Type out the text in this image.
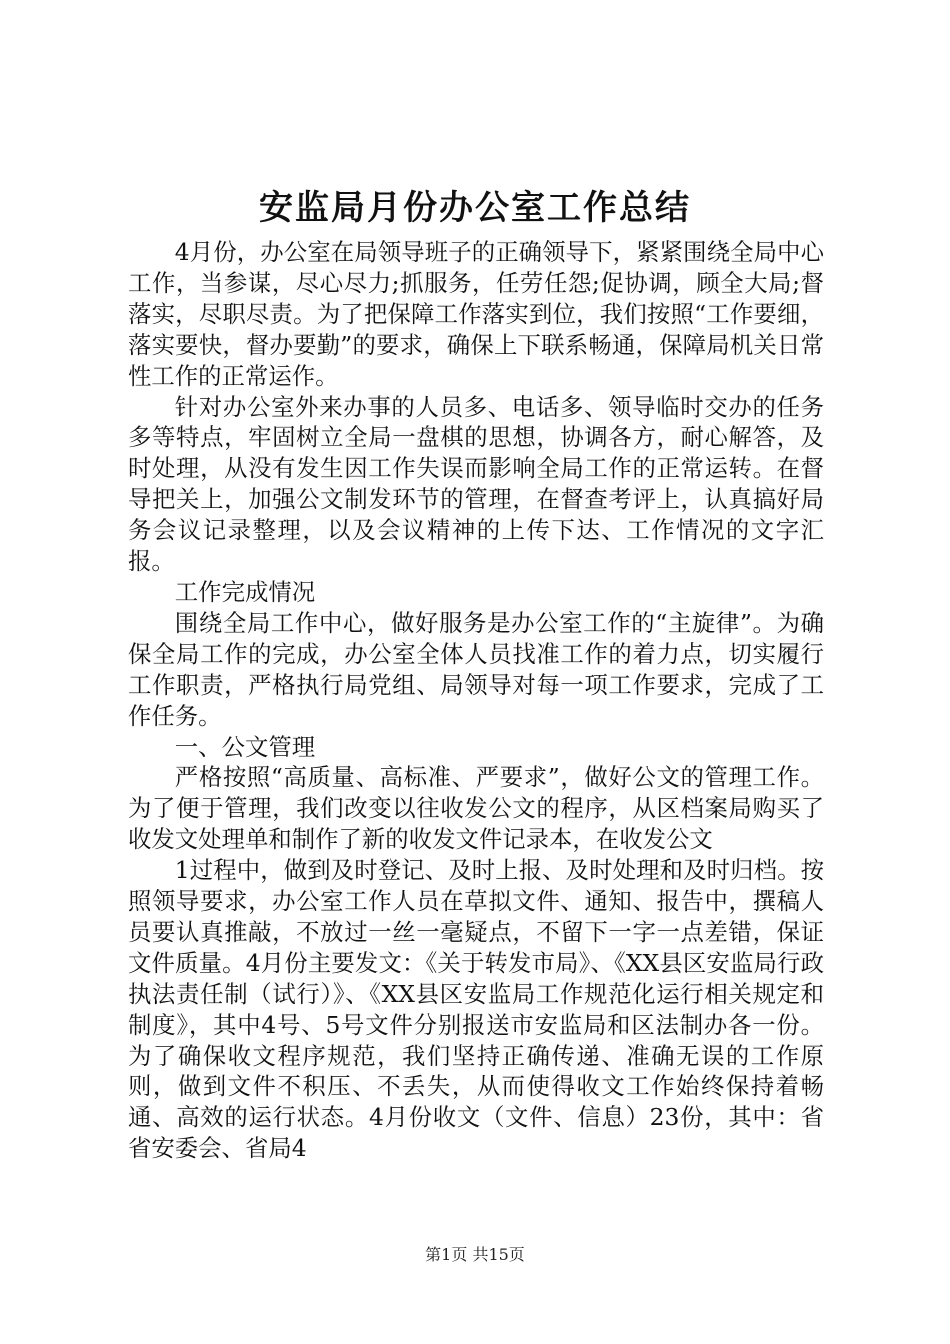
安监局月份办公室工作总结

4月份，办公室在局领导班子的正确领导下，紧紧围绕全局中心工作，当参谋，尽心尽力;抓服务，任劳任怨;促协调，顾全大局;督落实，尽职尽责。为了把保障工作落实到位，我们按照“工作要细，落实要快，督办要勤”的要求，确保上下联系畅通，保障局机关日常性工作的正常运作。

针对办公室外来办事的人员多、电话多、领导临时交办的任务多等特点，牢固树立全局一盘棋的思想，协调各方，耐心解答，及时处理，从没有发生因工作失误而影响全局工作的正常运转。在督导把关上，加强公文制发环节的管理，在督查考评上，认真搞好局务会议记录整理，以及会议精神的上传下达、工作情况的文字汇报。

工作完成情况

围绕全局工作中心，做好服务是办公室工作的“主旋律”。为确保全局工作的完成，办公室全体人员找准工作的着力点，切实履行工作职责，严格执行局党组、局领导对每一项工作要求，完成了工作任务。

一、公文管理

严格按照“高质量、高标准、严要求”，做好公文的管理工作。为了便于管理，我们改变以往收发公文的程序，从区档案局购买了收发文处理单和制作了新的收发文件记录本，在收发公文

1过程中，做到及时登记、及时上报、及时处理和及时归档。按照领导要求，办公室工作人员在草拟文件、通知、报告中，撰稿人员要认真推敲，不放过一丝一毫疑点，不留下一字一点差错，保证文件质量。4月份主要发文：《关于转发市局》、《XX县区安监局行政执法责任制（试行）》、《XX县区安监局工作规范化运行相关规定和制度》，其中4号、5号文件分别报送市安监局和区法制办各一份。为了确保收文程序规范，我们坚持正确传递、准确无误的工作原则，做到文件不积压、不丢失，从而使得收文工作始终保持着畅通、高效的运行状态。4月份收文（文件、信息）23份，其中：省省安委会、省局4

第1页 共15页
